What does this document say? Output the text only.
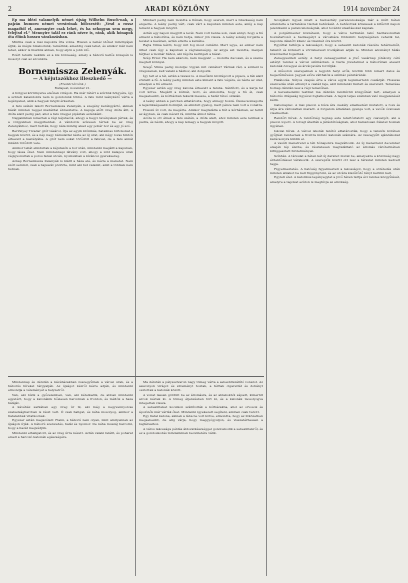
2	ARADI KÖZLÖNY	1914 november 24

Ep ma idézi valamelyik német újság Wilhelm Busch-nak, a pajzán humoru német versírónak bölcseséit: „Vesd a rossz magadtól el, amennyire csak lehet, és ha sehogyan sem megy, felejtsd el.” Mennyire talál ez ránk nézve is, ránk, akik hónapok óta élünk hosszu várakozásban.

Mintha csak a mai napokra írta volna. Hiszen a nehéz időket mindnyájan éljük, és mégis bizakodunk, remélünk, ameddig csak lehet, és amikor már nem lehet, akkor is hiszünk abban, hogy eljön a jobb idő.

Ezért tetszik nekünk ez a kis bölcseség, amely a háború kellős közepén is mosolyt csal az arcunkra.

Bornemissza Zelenyák.

— A kéjutazókhoz illeszkedő —

(Eredeti tárcánk.)

Budapest, november 21.

A hölgyei körülnyelve elsőnek virágok. Ha már rátért a szívünk hölgyére, így a szüreti kalandokra nem is gondolunk többé. A falu mint leánykérő várta a legényeket, akik a hegyek mögül érkeztek.

A falu szélén lakott Bornemissza Zelenyák, a szegény kerékgyártó, akinek házát minden reggel madárdal ébresztette. A kapuja előtt öreg diófa állt, a diófa alatt pedig pad, ahol a falu öregjei pipáztak esténként.

Napjainkban ismertek a régi kéjutazók, ahogy a hegyi ösvényeken jártak, és a völgyekben megpihentek. A vándorok szívesen tértek be az öreg Zelenyákhoz, mert tudták, hogy nála mindig akad egy pohár bor és egy jó szó.

Berlönyey Tivadar gróf vásárol, írja az egyik krónikás, hatalmas birtokokat a hegyek között, és a nép nagy bámulattal nézte az új urat, aki négy lovas hintón érkezett a kastélyába. A gróf nem sokat törődött a faluval, de a falu annál inkább törődött vele.

Amikor tehát elindultak a kéjutazók a bor után, mindenki megállt a kapuban, hogy lássa őket. Nem mindennapi látvány volt, ahogy a zöld kalapos urak végigvonultak a poros falusi utcán, nyomukban a kíváncsi gyereksereg.

Aznap Bornemissza Zelenyák is kiállt a háza elé, és nézte a menetet. Nem szólt semmit, csak a bajuszát pödörte, mint aki tud valamit, amit a többiek nem tudnak.

Mindazt pedig nem mondta a fiúnak, hogy szereti, mert a büszkeség nem engedte. A leány pedig várt, csak várt a kapuban minden este, amíg a nap lement a hegyek mögött.

Aztán egy napon megjött a levél. Nem volt benne sok, csak annyi, hogy a fiú elment a háborúba, és nem tudja, mikor jön vissza. A leány sokáig forgatta a levelet a kezében, aztán eltette a keblébe.

Rajta Vilma kérdi, hogy mit fog most csinálni. Mert ugye, az ember nem ülhet csak úgy a kapuban a végtelenségig. Az anyja azt mondta, menjen férjhez a molnár fiához, aki régóta kerülgeti a házat.

Szép Erzsi: Ha nem akarom, nem megyek! — mondta dacosan, és a szeme megtelt könnyel.

Szegő Vilma pedig mondja: Ugyan mit csinálsz? Várnak rád, a szüleid is öregszenek, kell valaki a házhoz, aki dolgozik.

Így telt el a tél, aztán a tavasz is. A mezőkön kivirágzott a pipacs, a fák alatt zöldellt a fű. A leány pedig minden este kiment a falu végére, és nézte az utat, amelyen a fiú elment.

Egyszer aztán egy öreg katona érkezett a faluba. Sántított, és a karja fel volt kötve. Megállt a kútnál, ivott, és elmondta, hogy a fiú él, csak megsebesült, és kórházban fekszik messze, a határ túlsó oldalán.

A leány abban a percben elhatározta, hogy elmegy hozzá. Összecsomagolta a legszükségesebb holmiját, és elindult gyalog, mert pénze nem volt a vonatra.

Hosszú út volt, de megérte. Amikor megtalálta a fiút a kórházban, az felült az ágyban, és csak nézett rá, mintha álmot látna.

Azóta is ott élnek a falu szélén, a diófa alatt, ahol minden este leülnek a padra, és nézik, ahogy a nap lemegy a hegyek mögött.

Szolgálati ügyek miatt a hadosztály parancsnoksága már a múlt héten elrendelte a tartalékos tisztek behívását. A behívottak kötelesek a kitűzött napon jelentkezni a parancsnokságnál, ahol további utasításokat kapnak.

A polgármester közzéteszi, hogy a város területén lakó hadbavonultak hozzátartozói a hadisegélyt a városháza földszinti helyiségében vehetik fel, naponta délelőtt kilenc és tizenkét óra között.

Egyúttal felhívja a lakosságot, hogy a sebesült katonák részére fehérneműt, takarót és kötszert a vöröskereszt irodájában adják le. Minden adományt hálás köszönettel fogadnak.

Zenegyesületi estély. A helyi zeneegyesület a jövő vasárnap jótékony célú estélyt rendez a városi színházban. A tiszta jövedelmet a háborúban elesett katonák özvegyei és árvái javára fordítják.

A műsoron szerepelnek a legjobb helyi erők, köztük több ismert dalos és hegedűművész. Jegyek előre válthatók a színház pénztáránál.

Halálozás. Súlyos csapás érte a város egyik legismertebb családját. Hosszas szenvedés után elhunyt a család feje, akit mindenki tisztelt és szeretett. Temetése holnap délután lesz a régi temetőben.

A kereskedelmi testület ma délután rendkívüli közgyűlést tart, amelyen a háborús drágaság ügyével foglalkoznak. A tagok teljes számban való megjelenését kérik.

Gabonapiac. A mai piacon a búza ára csekély emelkedést mutatott, a rozs és árpa ára változatlan maradt. A forgalom általában gyenge volt, a vevők óvatosan viselkedtek.

Rendőri hírek. A rendőrség tegnap este letartóztatott egy csavargót, aki a piacon lopott. A tolvajt átadták a járásbíróságnak, ahol hamarosan ítéletet hoznak ügyében.

Iskolai hírek. A városi iskolák tanítói elhatározták, hogy a tanulók körében gyűjtést rendeznek a frontra induló katonák számára. Az összegyűlt ajándékokat karácsonyra küldik el.

A vasúti menetrend a téli hónapokra megváltozik. Az új menetrend december elsején lép életbe, és részletesen megtalálható az állomás várótermében kifüggesztett hirdetményen.

Színház. A társulat a héten két új darabot mutat be, amelyekre a közönség nagy érdeklődéssel várakozik. A szereplők között ott lesz a társulat minden kedvelt tagja.

Figyelmeztetés. A hatóság figyelmezteti a lakosságot, hogy a sötétedés után minden ablakot be kell függönyözni, és az utcára kiszűrődő fényt kerülni kell.

Egyleti élet. A katolikus legényegylet a jövő héten tartja évi rendes közgyűlését, amelyre a tagokat ezúton is meghívja az elnökség.

Mindennap és délután a kávéházakban összegyűlnek a városi urak, és a háborús híreket tárgyalják. Az újságot kézről kézre adják, és mindenki elmondja a véleményét a helyzetről.

Van, aki bízik a győzelemben, van, aki kételkedik, de abban mindenki egyetért, hogy a katonáink hősiesen harcolnak a fronton, és méltók a haza háláját.

A kávéház sarkában egy öreg úr ül, aki még a negyvennyolcas szabadságharcban is részt vett. Ő csak hallgat, és néha mosolyog, amikor a fiatalabbak vitatkoznak.

Egyszer aztán megszólalt: Fiaim, a háború nem olyan, mint amilyennek az újságok írják. A háború szenvedés, halál és nyomor. De néha muszáj harcolni, hogy a hazát megvédjük.

Mindenki elhallgatott, és az öreg úrra nézett. Aztán valaki felállt, és poharat emelt a harcoló katonák egészségére.

Ma délután a pályaudvaron nagy tömeg várta a sebesültszállító vonatot. Az asszonyok virágot és süteményt hoztak, a férfiak cigarettát és dohányt osztottak a katonák között.

A vonat lassan gördült be az állomásra, és az ablakokból sápadt, kimerült arcok néztek ki. A tömeg éljenzésben tört ki, és a katonák mosolyogva integettek vissza.

A sebesülteket kocsikon szállították a kórházakba, ahol az orvosok és ápolónők már várták őket. Mindenki igyekezett segíteni, amiben csak tudott.

Egy fiatal katona, akinek a lába be volt kötve, elmondta, hogy az ütközetben megsebesült, de alig várja, hogy meggyógyuljon, és visszatérhessen a bajtársaihoz.

A város lakossága példás áldozatkészséggel gondoskodik a sebesültekről, és ez a gondoskodás mindenkinek becsületére válik.
